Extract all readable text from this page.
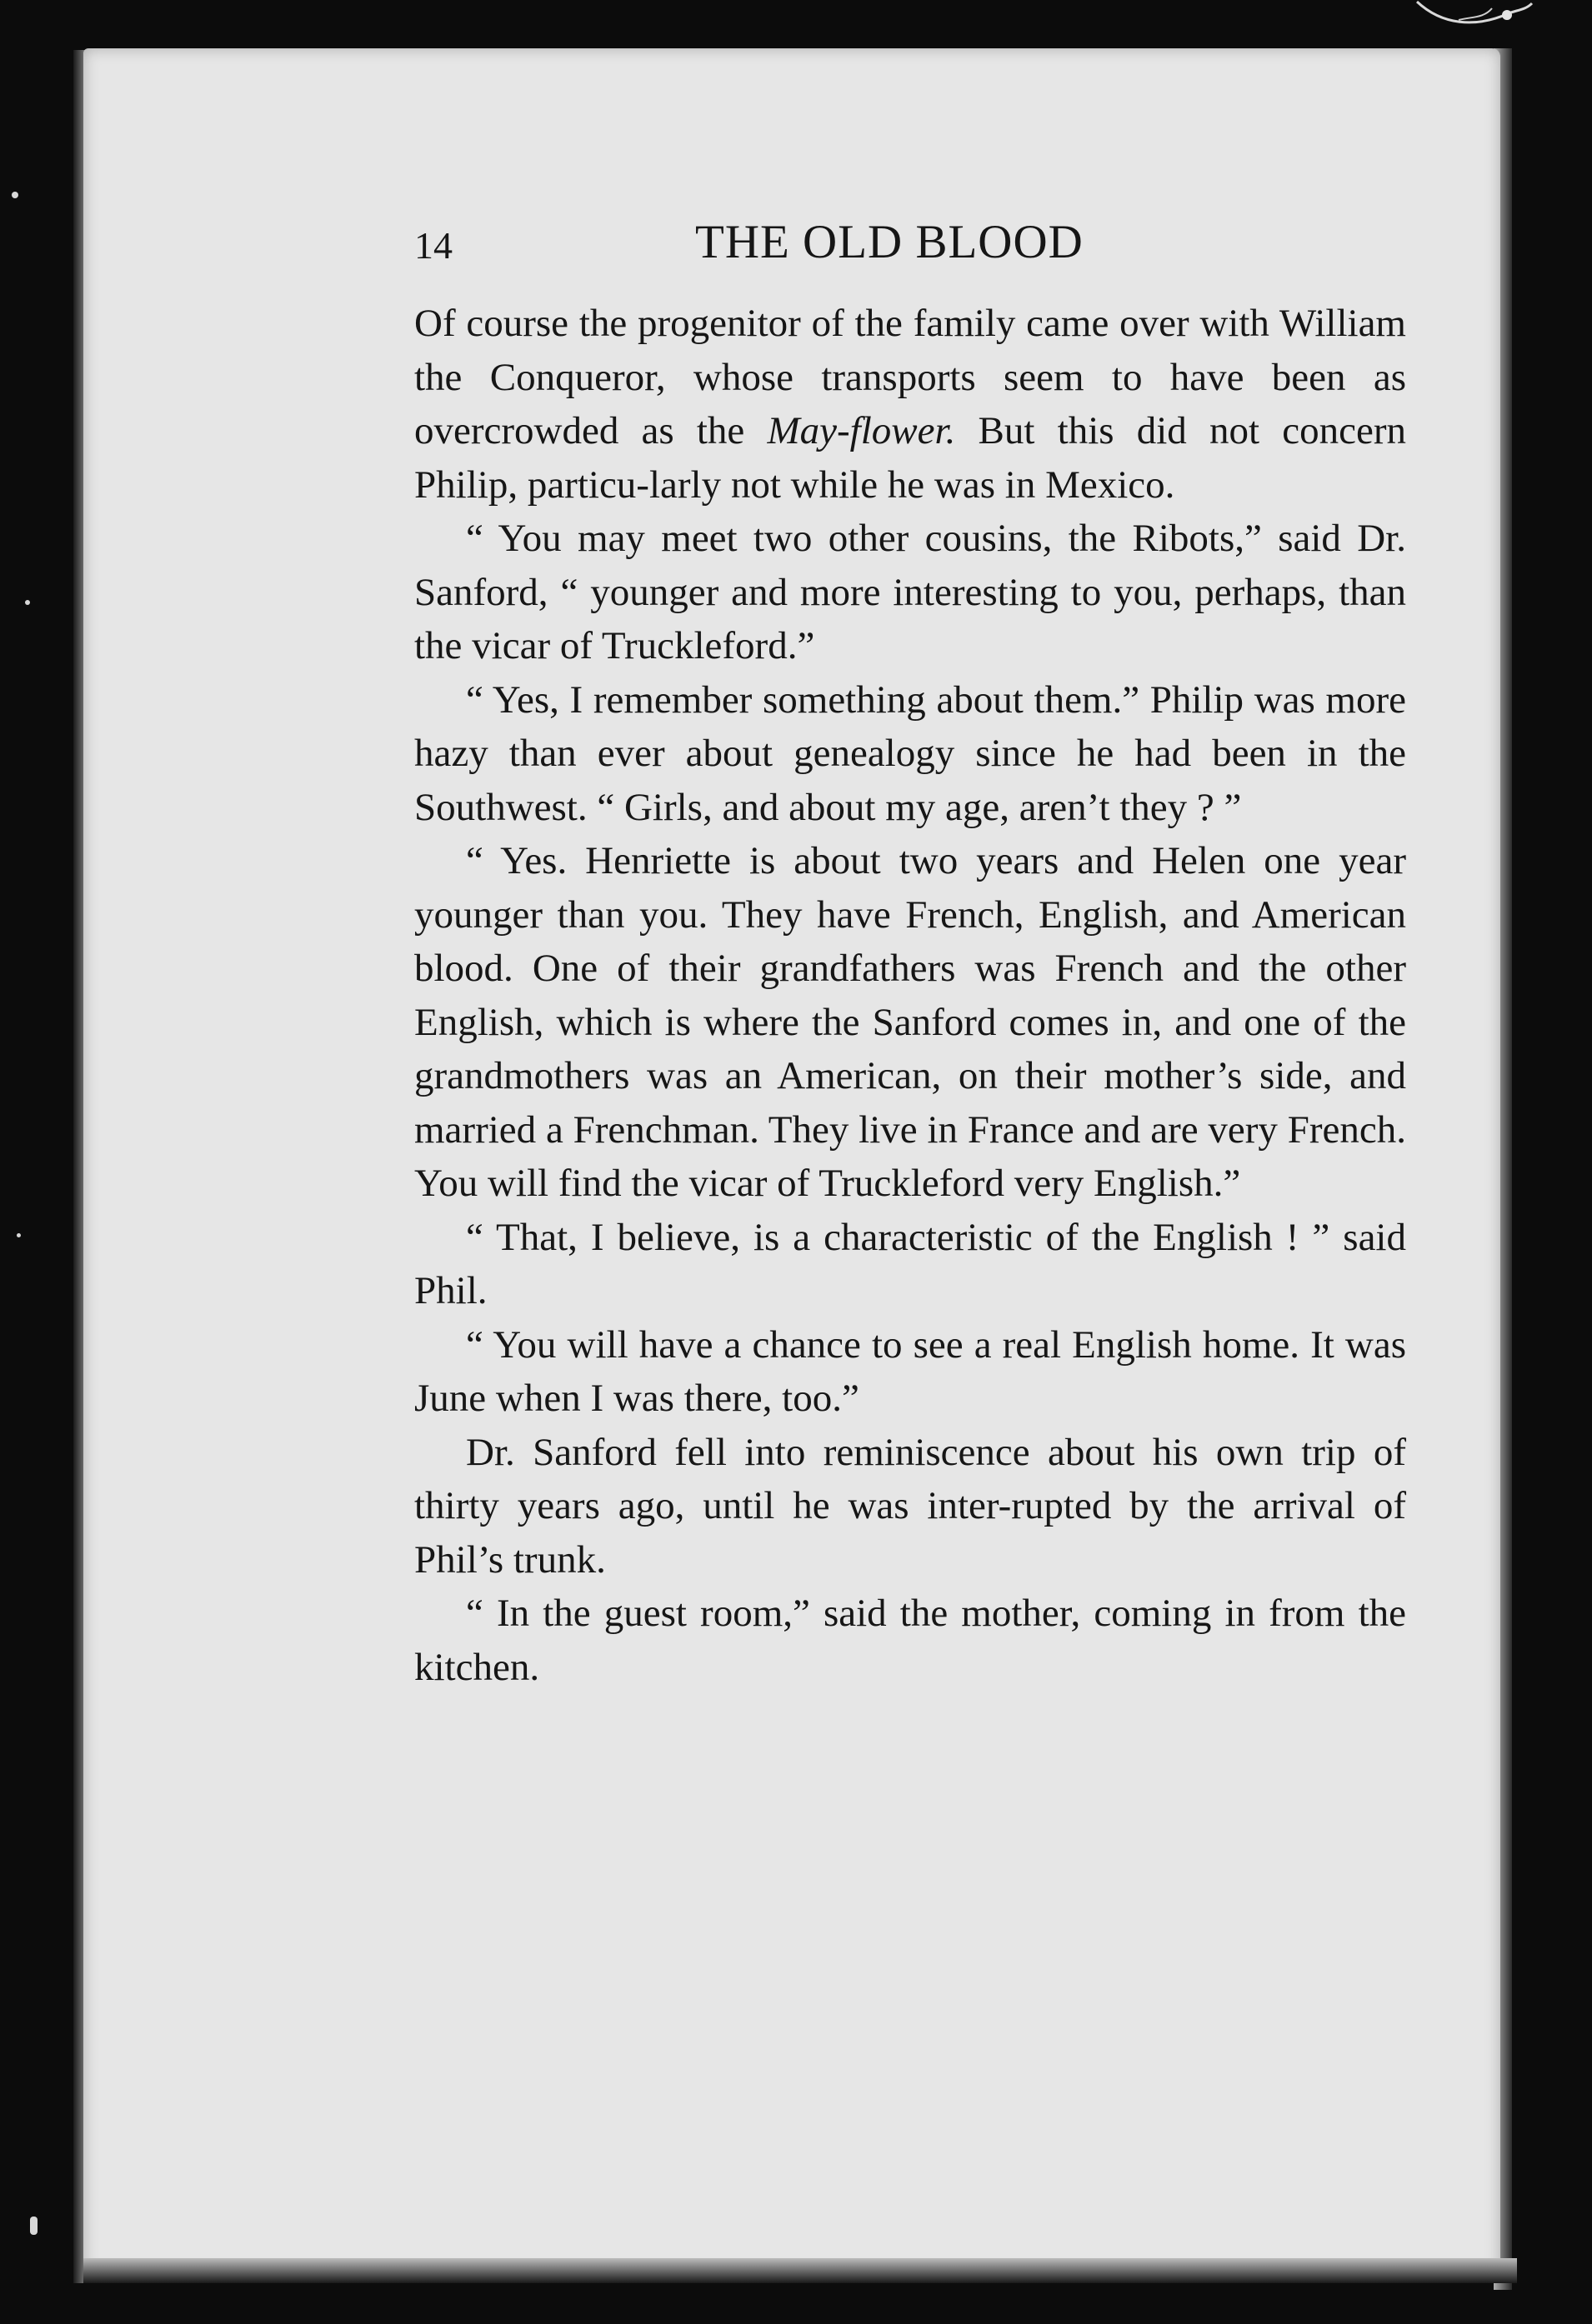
14	THE OLD BLOOD

Of course the progenitor of the family came over with William the Conqueror, whose transports seem to have been as overcrowded as the May-flower. But this did not concern Philip, particu-larly not while he was in Mexico.

“ You may meet two other cousins, the Ribots,” said Dr. Sanford, “ younger and more interesting to you, perhaps, than the vicar of Truckleford.”

“ Yes, I remember something about them.” Philip was more hazy than ever about genealogy since he had been in the Southwest. “ Girls, and about my age, aren’t they ? ”

“ Yes. Henriette is about two years and Helen one year younger than you. They have French, English, and American blood. One of their grandfathers was French and the other English, which is where the Sanford comes in, and one of the grandmothers was an American, on their mother’s side, and married a Frenchman. They live in France and are very French. You will find the vicar of Truckleford very English.”

“ That, I believe, is a characteristic of the English ! ” said Phil.

“ You will have a chance to see a real English home. It was June when I was there, too.”

Dr. Sanford fell into reminiscence about his own trip of thirty years ago, until he was inter-rupted by the arrival of Phil’s trunk.

“ In the guest room,” said the mother, coming in from the kitchen.
